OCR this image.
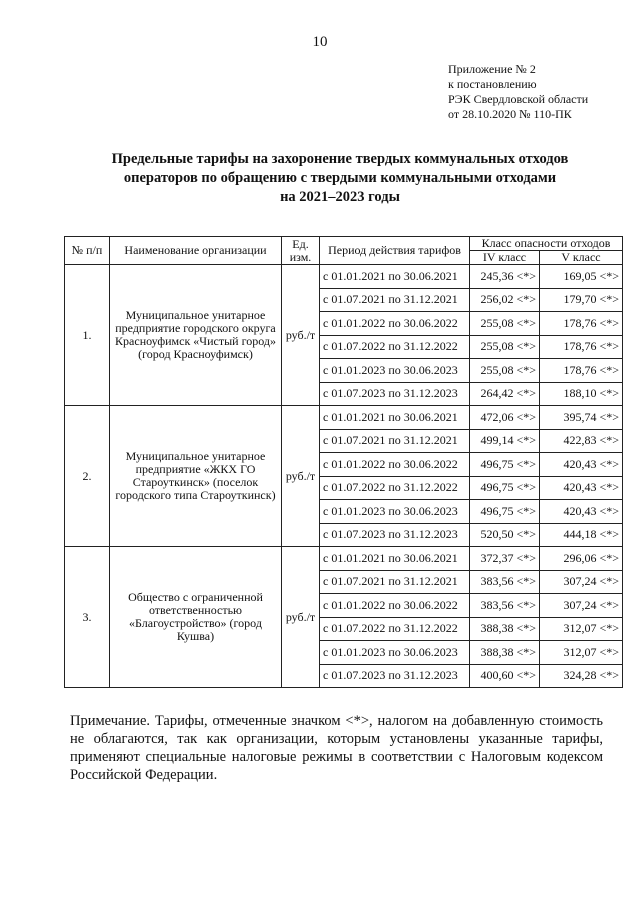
10
Приложение № 2
к постановлению
РЭК Свердловской области
от 28.10.2020 № 110-ПК
Предельные тарифы на захоронение твердых коммунальных отходов
операторов по обращению с твердыми коммунальными отходами
на 2021–2023 годы
№ п/п	Наименование организации	Ед. изм.	Период действия тарифов	Класс опасности отходов	
				IV класс	V класс
1.	Муниципальное унитарное предприятие городского округа Красноуфимск «Чистый город» (город Красноуфимск)	руб./т	с 01.01.2021 по 30.06.2021	245,36 <*>	169,05 <*>
			с 01.07.2021 по 31.12.2021	256,02 <*>	179,70 <*>
			с 01.01.2022 по 30.06.2022	255,08 <*>	178,76 <*>
			с 01.07.2022 по 31.12.2022	255,08 <*>	178,76 <*>
			с 01.01.2023 по 30.06.2023	255,08 <*>	178,76 <*>
			с 01.07.2023 по 31.12.2023	264,42 <*>	188,10 <*>
2.	Муниципальное унитарное предприятие «ЖКХ ГО Староуткинск» (поселок городского типа Староуткинск)	руб./т	с 01.01.2021 по 30.06.2021	472,06 <*>	395,74 <*>
			с 01.07.2021 по 31.12.2021	499,14 <*>	422,83 <*>
			с 01.01.2022 по 30.06.2022	496,75 <*>	420,43 <*>
			с 01.07.2022 по 31.12.2022	496,75 <*>	420,43 <*>
			с 01.01.2023 по 30.06.2023	496,75 <*>	420,43 <*>
			с 01.07.2023 по 31.12.2023	520,50 <*>	444,18 <*>
3.	Общество с ограниченной ответственностью «Благоустройство» (город Кушва)	руб./т	с 01.01.2021 по 30.06.2021	372,37 <*>	296,06 <*>
			с 01.07.2021 по 31.12.2021	383,56 <*>	307,24 <*>
			с 01.01.2022 по 30.06.2022	383,56 <*>	307,24 <*>
			с 01.07.2022 по 31.12.2022	388,38 <*>	312,07 <*>
			с 01.01.2023 по 30.06.2023	388,38 <*>	312,07 <*>
			с 01.07.2023 по 31.12.2023	400,60 <*>	324,28 <*>
Примечание. Тарифы, отмеченные значком <*>, налогом на добавленную стоимость не облагаются, так как организации, которым установлены указанные тарифы, применяют специальные налоговые режимы в соответствии с Налоговым кодексом Российской Федерации.
